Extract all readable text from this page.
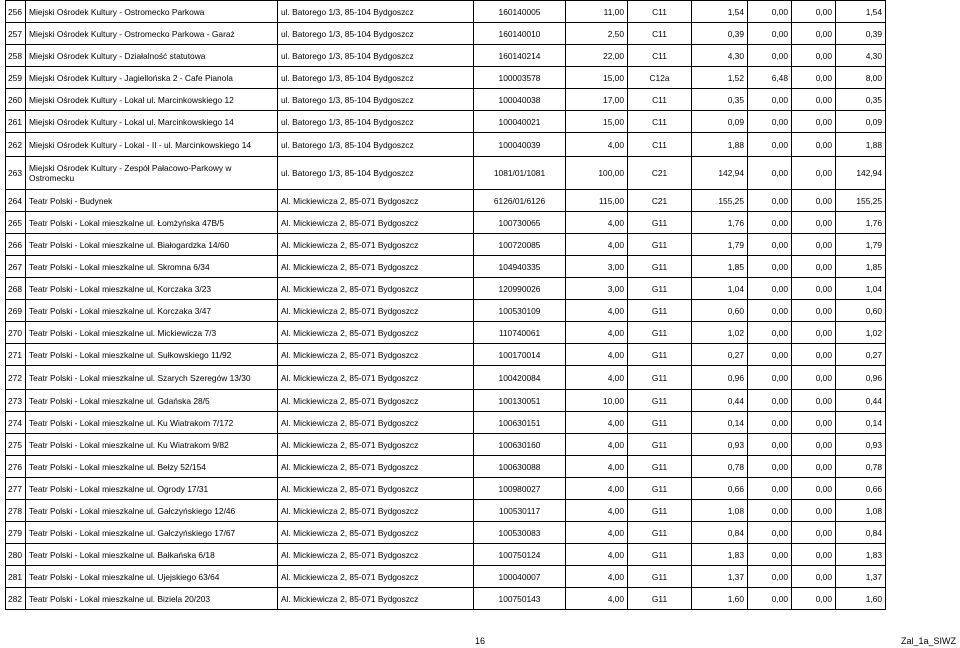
256	Miejski Ośrodek Kultury - Ostromecko Parkowa	ul. Batorego 1/3, 85-104 Bydgoszcz	160140005	11,00	C11	1,54	0,00	0,00	1,54
257	Miejski Ośrodek Kultury - Ostromecko Parkowa - Garaż	ul. Batorego 1/3, 85-104 Bydgoszcz	160140010	2,50	C11	0,39	0,00	0,00	0,39
258	Miejski Ośrodek Kultury - Działalność statutowa	ul. Batorego 1/3, 85-104 Bydgoszcz	160140214	22,00	C11	4,30	0,00	0,00	4,30
259	Miejski Ośrodek Kultury - Jagiellońska 2 - Cafe Pianola	ul. Batorego 1/3, 85-104 Bydgoszcz	100003578	15,00	C12a	1,52	6,48	0,00	8,00
260	Miejski Ośrodek Kultury - Lokal ul. Marcinkowskiego 12	ul. Batorego 1/3, 85-104 Bydgoszcz	100040038	17,00	C11	0,35	0,00	0,00	0,35
261	Miejski Ośrodek Kultury - Lokal ul. Marcinkowskiego 14	ul. Batorego 1/3, 85-104 Bydgoszcz	100040021	15,00	C11	0,09	0,00	0,00	0,09
262	Miejski Ośrodek Kultury - Lokal - II - ul. Marcinkowskiego 14	ul. Batorego 1/3, 85-104 Bydgoszcz	100040039	4,00	C11	1,88	0,00	0,00	1,88
263	Miejski Ośrodek Kultury - Zespół Pałacowo-Parkowy w Ostromecku	ul. Batorego 1/3, 85-104 Bydgoszcz	1081/01/1081	100,00	C21	142,94	0,00	0,00	142,94
264	Teatr Polski - Budynek	Al. Mickiewicza 2, 85-071 Bydgoszcz	6126/01/6126	115,00	C21	155,25	0,00	0,00	155,25
265	Teatr Polski - Lokal mieszkalne ul. Łomżyńska 47B/5	Al. Mickiewicza 2, 85-071 Bydgoszcz	100730065	4,00	G11	1,76	0,00	0,00	1,76
266	Teatr Polski - Lokal mieszkalne ul. Białogardzka 14/60	Al. Mickiewicza 2, 85-071 Bydgoszcz	100720085	4,00	G11	1,79	0,00	0,00	1,79
267	Teatr Polski - Lokal mieszkalne ul. Skromna 6/34	Al. Mickiewicza 2, 85-071 Bydgoszcz	104940335	3,00	G11	1,85	0,00	0,00	1,85
268	Teatr Polski - Lokal mieszkalne ul. Korczaka 3/23	Al. Mickiewicza 2, 85-071 Bydgoszcz	120990026	3,00	G11	1,04	0,00	0,00	1,04
269	Teatr Polski - Lokal mieszkalne ul. Korczaka 3/47	Al. Mickiewicza 2, 85-071 Bydgoszcz	100530109	4,00	G11	0,60	0,00	0,00	0,60
270	Teatr Polski - Lokal mieszkalne ul. Mickiewicza 7/3	Al. Mickiewicza 2, 85-071 Bydgoszcz	110740061	4,00	G11	1,02	0,00	0,00	1,02
271	Teatr Polski - Lokal mieszkalne ul. Sułkowskiego 11/92	Al. Mickiewicza 2, 85-071 Bydgoszcz	100170014	4,00	G11	0,27	0,00	0,00	0,27
272	Teatr Polski - Lokal mieszkalne ul. Szarych Szeregów 13/30	Al. Mickiewicza 2, 85-071 Bydgoszcz	100420084	4,00	G11	0,96	0,00	0,00	0,96
273	Teatr Polski - Lokal mieszkalne ul. Gdańska 28/5	Al. Mickiewicza 2, 85-071 Bydgoszcz	100130051	10,00	G11	0,44	0,00	0,00	0,44
274	Teatr Polski - Lokal mieszkalne ul. Ku Wiatrakom 7/172	Al. Mickiewicza 2, 85-071 Bydgoszcz	100630151	4,00	G11	0,14	0,00	0,00	0,14
275	Teatr Polski - Lokal mieszkalne ul. Ku Wiatrakom 9/82	Al. Mickiewicza 2, 85-071 Bydgoszcz	100630160	4,00	G11	0,93	0,00	0,00	0,93
276	Teatr Polski - Lokal mieszkalne ul. Bełzy 52/154	Al. Mickiewicza 2, 85-071 Bydgoszcz	100630088	4,00	G11	0,78	0,00	0,00	0,78
277	Teatr Polski - Lokal mieszkalne ul. Ogrody 17/31	Al. Mickiewicza 2, 85-071 Bydgoszcz	100980027	4,00	G11	0,66	0,00	0,00	0,66
278	Teatr Polski - Lokal mieszkalne ul. Gałczyńskiego 12/46	Al. Mickiewicza 2, 85-071 Bydgoszcz	100530117	4,00	G11	1,08	0,00	0,00	1,08
279	Teatr Polski - Lokal mieszkalne ul. Gałczyńskiego 17/67	Al. Mickiewicza 2, 85-071 Bydgoszcz	100530083	4,00	G11	0,84	0,00	0,00	0,84
280	Teatr Polski - Lokal mieszkalne ul. Bałkańska 6/18	Al. Mickiewicza 2, 85-071 Bydgoszcz	100750124	4,00	G11	1,83	0,00	0,00	1,83
281	Teatr Polski - Lokal mieszkalne ul. Ujejskiego 63/64	Al. Mickiewicza 2, 85-071 Bydgoszcz	100040007	4,00	G11	1,37	0,00	0,00	1,37
282	Teatr Polski - Lokal mieszkalne ul. Biziela 20/203	Al. Mickiewicza 2, 85-071 Bydgoszcz	100750143	4,00	G11	1,60	0,00	0,00	1,60
16	Zal_1a_SIWZ
